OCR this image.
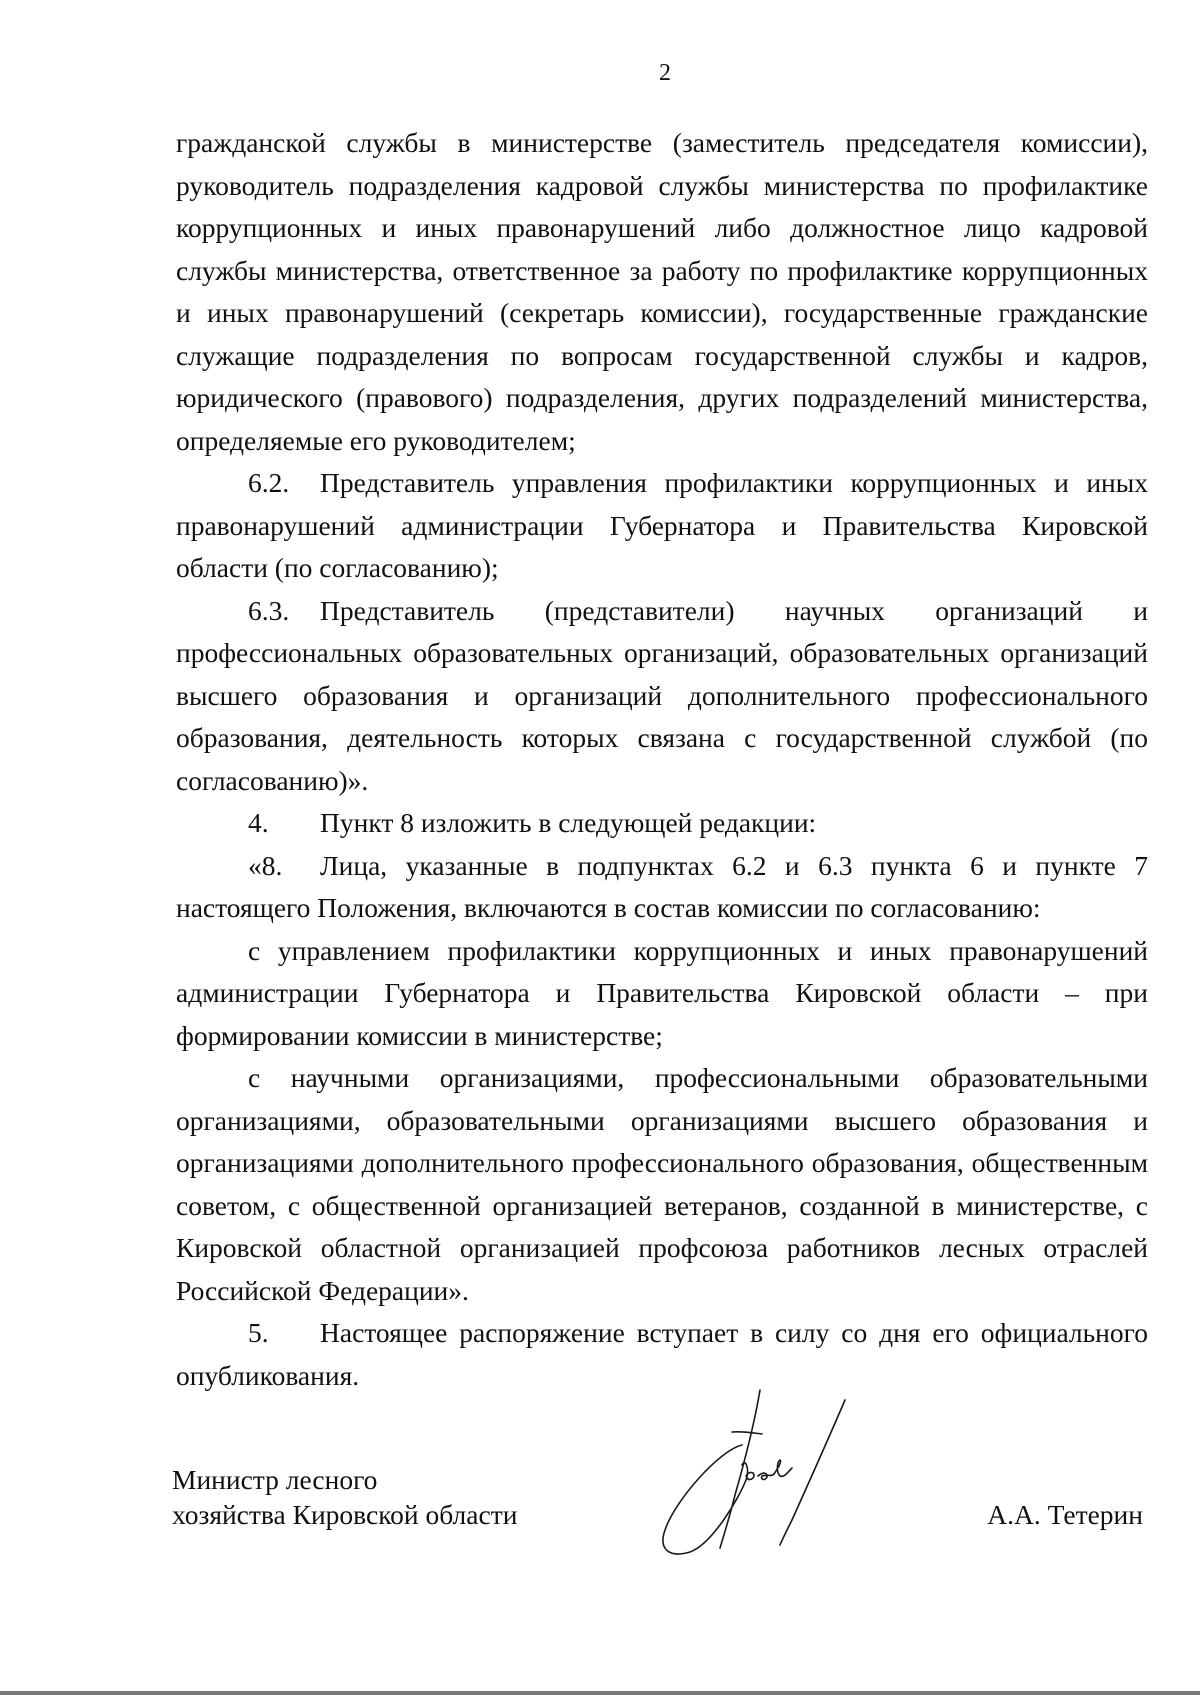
2

гражданской службы в министерстве (заместитель председателя комиссии), руководитель подразделения кадровой службы министерства по профилактике коррупционных и иных правонарушений либо должностное лицо кадровой службы министерства, ответственное за работу по профилактике коррупционных и иных правонарушений (секретарь комиссии), государственные гражданские служащие подразделения по вопросам государственной службы и кадров, юридического (правового) подразделения, других подразделений министерства, определяемые его руководителем;

6.2. Представитель управления профилактики коррупционных и иных правонарушений администрации Губернатора и Правительства Кировской области (по согласованию);

6.3. Представитель (представители) научных организаций и профессиональных образовательных организаций, образовательных организаций высшего образования и организаций дополнительного профессионального образования, деятельность которых связана с государственной службой (по согласованию)».

4. Пункт 8 изложить в следующей редакции:

«8. Лица, указанные в подпунктах 6.2 и 6.3 пункта 6 и пункте 7 настоящего Положения, включаются в состав комиссии по согласованию:

с управлением профилактики коррупционных и иных правонарушений администрации Губернатора и Правительства Кировской области – при формировании комиссии в министерстве;

с научными организациями, профессиональными образовательными организациями, образовательными организациями высшего образования и организациями дополнительного профессионального образования, общественным советом, с общественной организацией ветеранов, созданной в министерстве, с Кировской областной организацией профсоюза работников лесных отраслей Российской Федерации».

5. Настоящее распоряжение вступает в силу со дня его официального опубликования.

Министр лесного
хозяйства Кировской области	А.А. Тетерин
